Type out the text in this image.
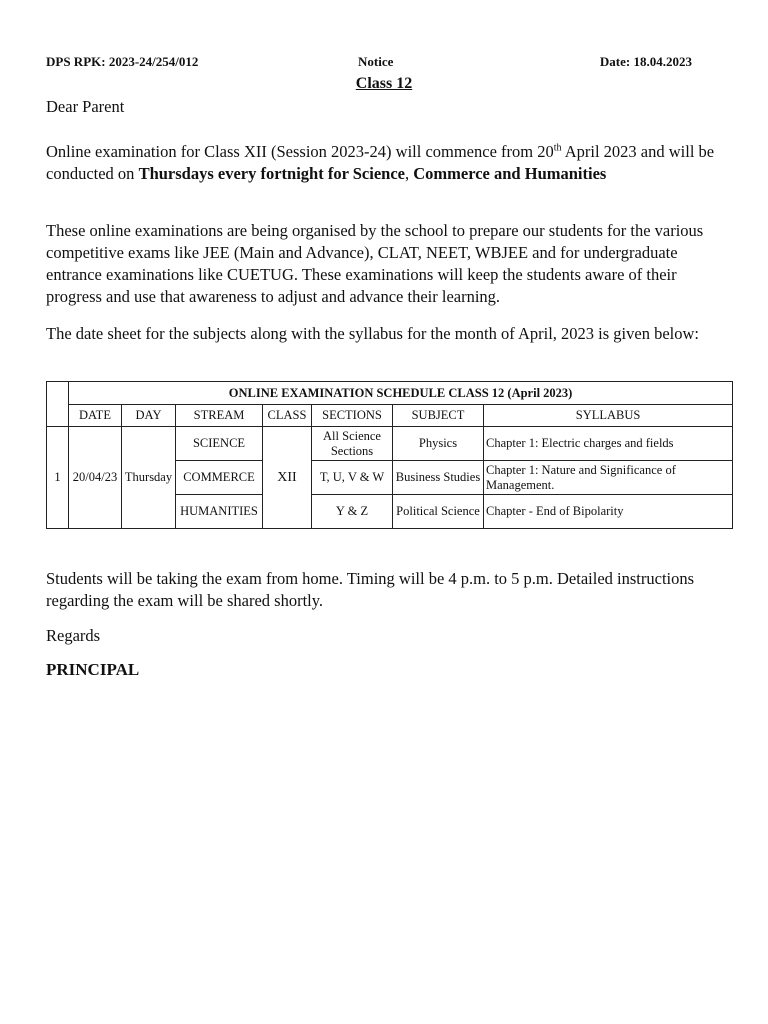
DPS RPK: 2023-24/254/012	Notice	Date: 18.04.2023
Class 12

Dear Parent

Online examination for Class XII (Session 2023-24) will commence from 20th April 2023 and will be conducted on Thursdays every fortnight for Science, Commerce and Humanities

These online examinations are being organised by the school to prepare our students for the various competitive exams like JEE (Main and Advance), CLAT, NEET, WBJEE and for undergraduate entrance examinations like CUETUG. These examinations will keep the students aware of their progress and use that awareness to adjust and advance their learning.

The date sheet for the subjects along with the syllabus for the month of April, 2023 is given below:

	ONLINE EXAMINATION SCHEDULE CLASS 12 (April 2023)						
	DATE	DAY	STREAM	CLASS	SECTIONS	SUBJECT	SYLLABUS
1	20/04/23	Thursday	SCIENCE	XII	All Science Sections	Physics	Chapter 1: Electric charges and fields
			COMMERCE		T, U, V & W	Business Studies	Chapter 1: Nature and Significance of Management.
			HUMANITIES		Y & Z	Political Science	Chapter - End of Bipolarity

Students will be taking the exam from home. Timing will be 4 p.m. to 5 p.m. Detailed instructions regarding the exam will be shared shortly.

Regards

PRINCIPAL
